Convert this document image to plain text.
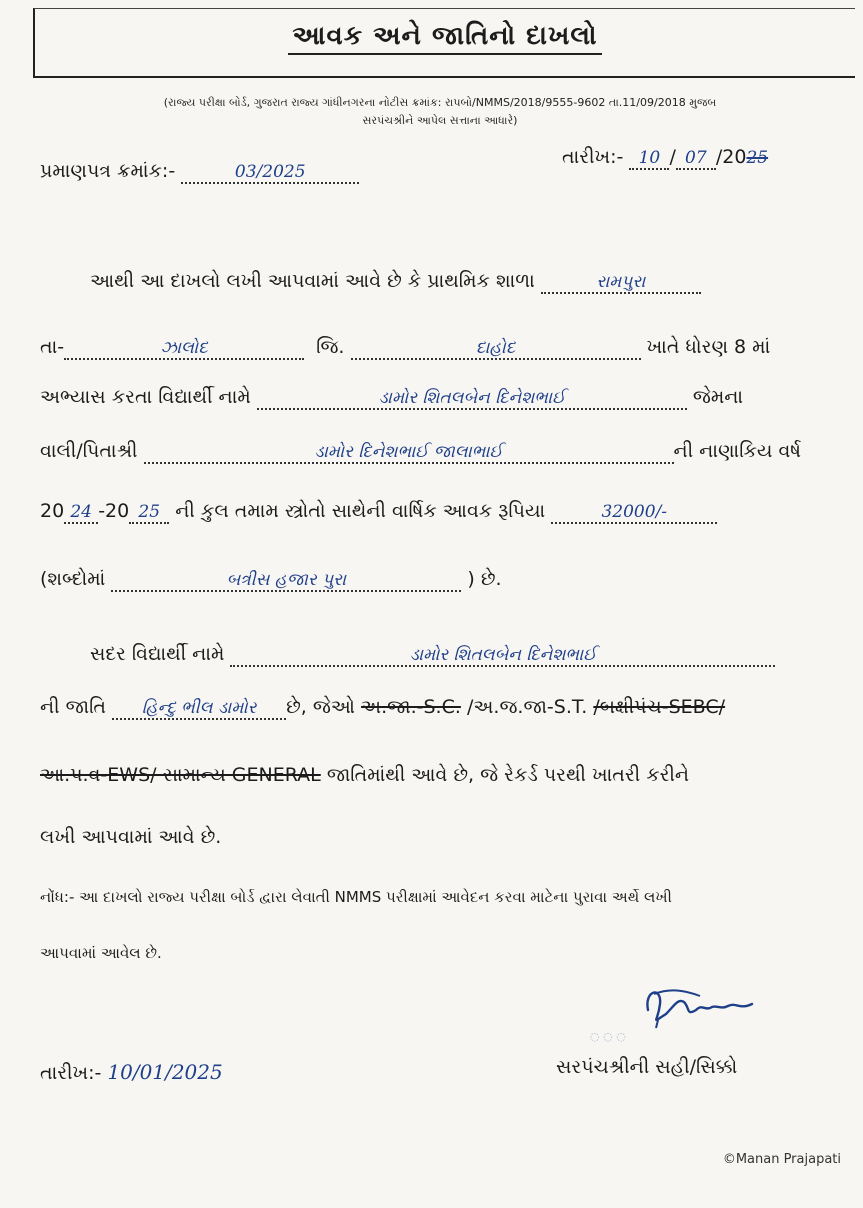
આવક અને જાતિનો દાખલો
(રાજ્ય પરીક્ષા બોર્ડ, ગુજરાત રાજ્ય ગાંધીનગરના નોટીસ ક્રમાંક: રાપબો/NMMS/2018/9555-9602 તા.11/09/2018 મુજબ
સરપંચશ્રીને આપેલ સત્તાના આધારે)
પ્રમાણપત્ર ક્રમાંક:-	03/2025
તારીખ:- 10 / 07 /2025
આથી આ દાખલો લખી આપવામાં આવે છે કે પ્રાથમિક શાળા	રામપુરા
તા-	ઝાલોદ	જિ.	દાહોદ	ખાતે ધોરણ 8 માં
અભ્યાસ કરતા વિદ્યાર્થી નામે	ડામોર શિતલબેન દિનેશભાઈ	જેમના
વાલી/પિતાશ્રી	ડામોર દિનેશભાઈ જાલાભાઈ	ની નાણાકિય વર્ષ
20 24 -20 25 ની કુલ તમામ સ્ત્રોતો સાથેની વાર્ષિક આવક રૂપિયા	32000/-
(શબ્દોમાં	બત્રીસ હજાર પુરા	) છે.
સદર વિદ્યાર્થી નામે	ડામોર શિતલબેન દિનેશભાઈ
ની જાતિ હિન્દુ ભીલ ડામોર છે, જેઓ અ.જા.-S.C. /અ.જ.જા-S.T. /બક્ષીપંચ-SEBC/
આ.પ.વ-EWS/ સામાન્ય GENERAL જાતિમાંથી આવે છે, જે રેકર્ડ પરથી ખાતરી કરીને
લખી આપવામાં આવે છે.
નોંધ:- આ દાખલો રાજ્ય પરીક્ષા બોર્ડ દ્વારા લેવાતી NMMS પરીક્ષામાં આવેદન કરવા માટેના પુરાવા અર્થે લખી
આપવામાં આવેલ છે.
◌ ◌ ◌
તારીખ:- 10/01/2025	સરપંચશ્રીની સહી/સિક્કો
©Manan Prajapati
